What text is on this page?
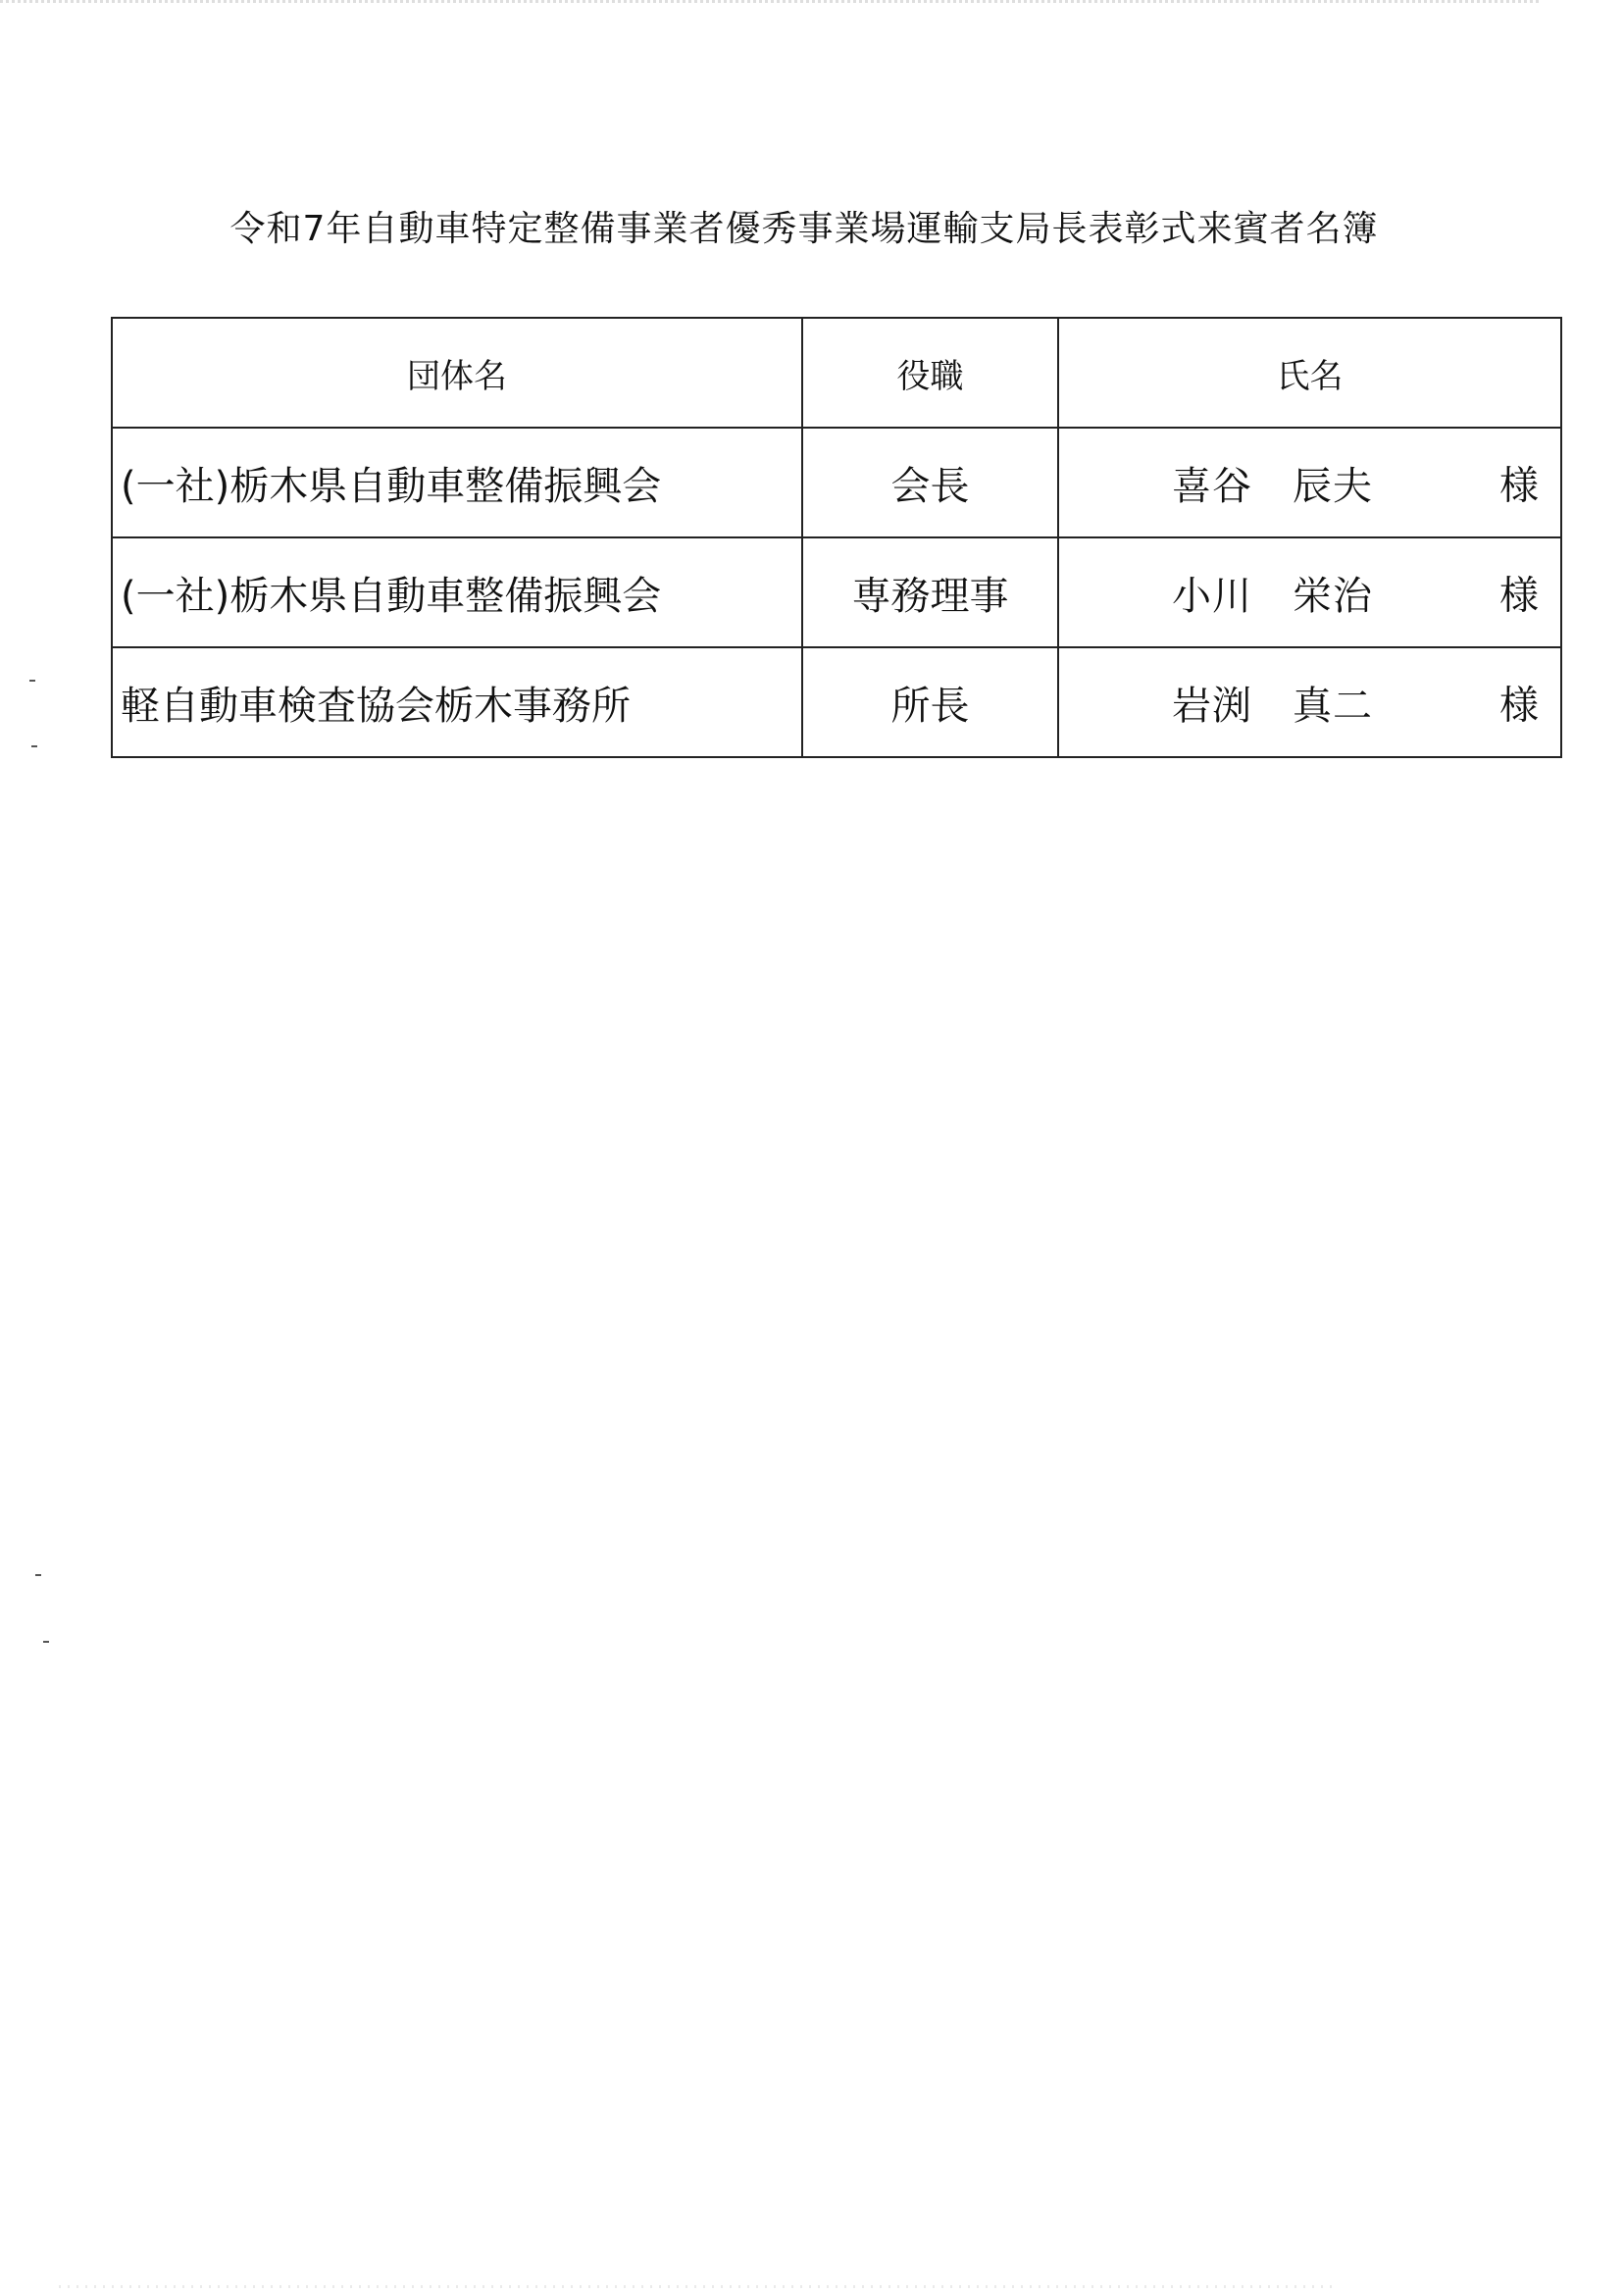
令和7年自動車特定整備事業者優秀事業場運輸支局長表彰式来賓者名簿
団体名	役職	氏名
(一社)栃木県自動車整備振興会	会長	喜谷　辰夫 様

(一社)栃木県自動車整備振興会	専務理事	小川　栄治 様

軽自動車検査協会栃木事務所	所長	岩渕　真二 様
